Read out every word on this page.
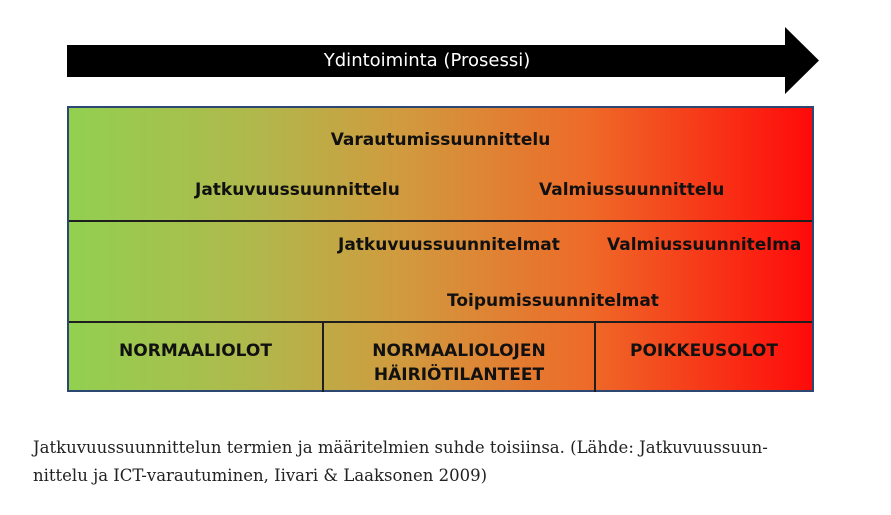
Ydintoiminta (Prosessi)
Varautumissuunnittelu
Jatkuvuussuunnittelu	Valmiussuunnittelu
Jatkuvuussuunnitelmat	Valmiussuunnitelma
Toipumissuunnitelmat
NORMAALIOLOT	NORMAALIOLOJEN
HÄIRIÖTILANTEET
POIKKEUSOLOT
Jatkuvuussuunnittelun termien ja määritelmien suhde toisiinsa. (Lähde: Jatkuvuussuun-
nittelu ja ICT-varautuminen, Iivari & Laaksonen 2009)
